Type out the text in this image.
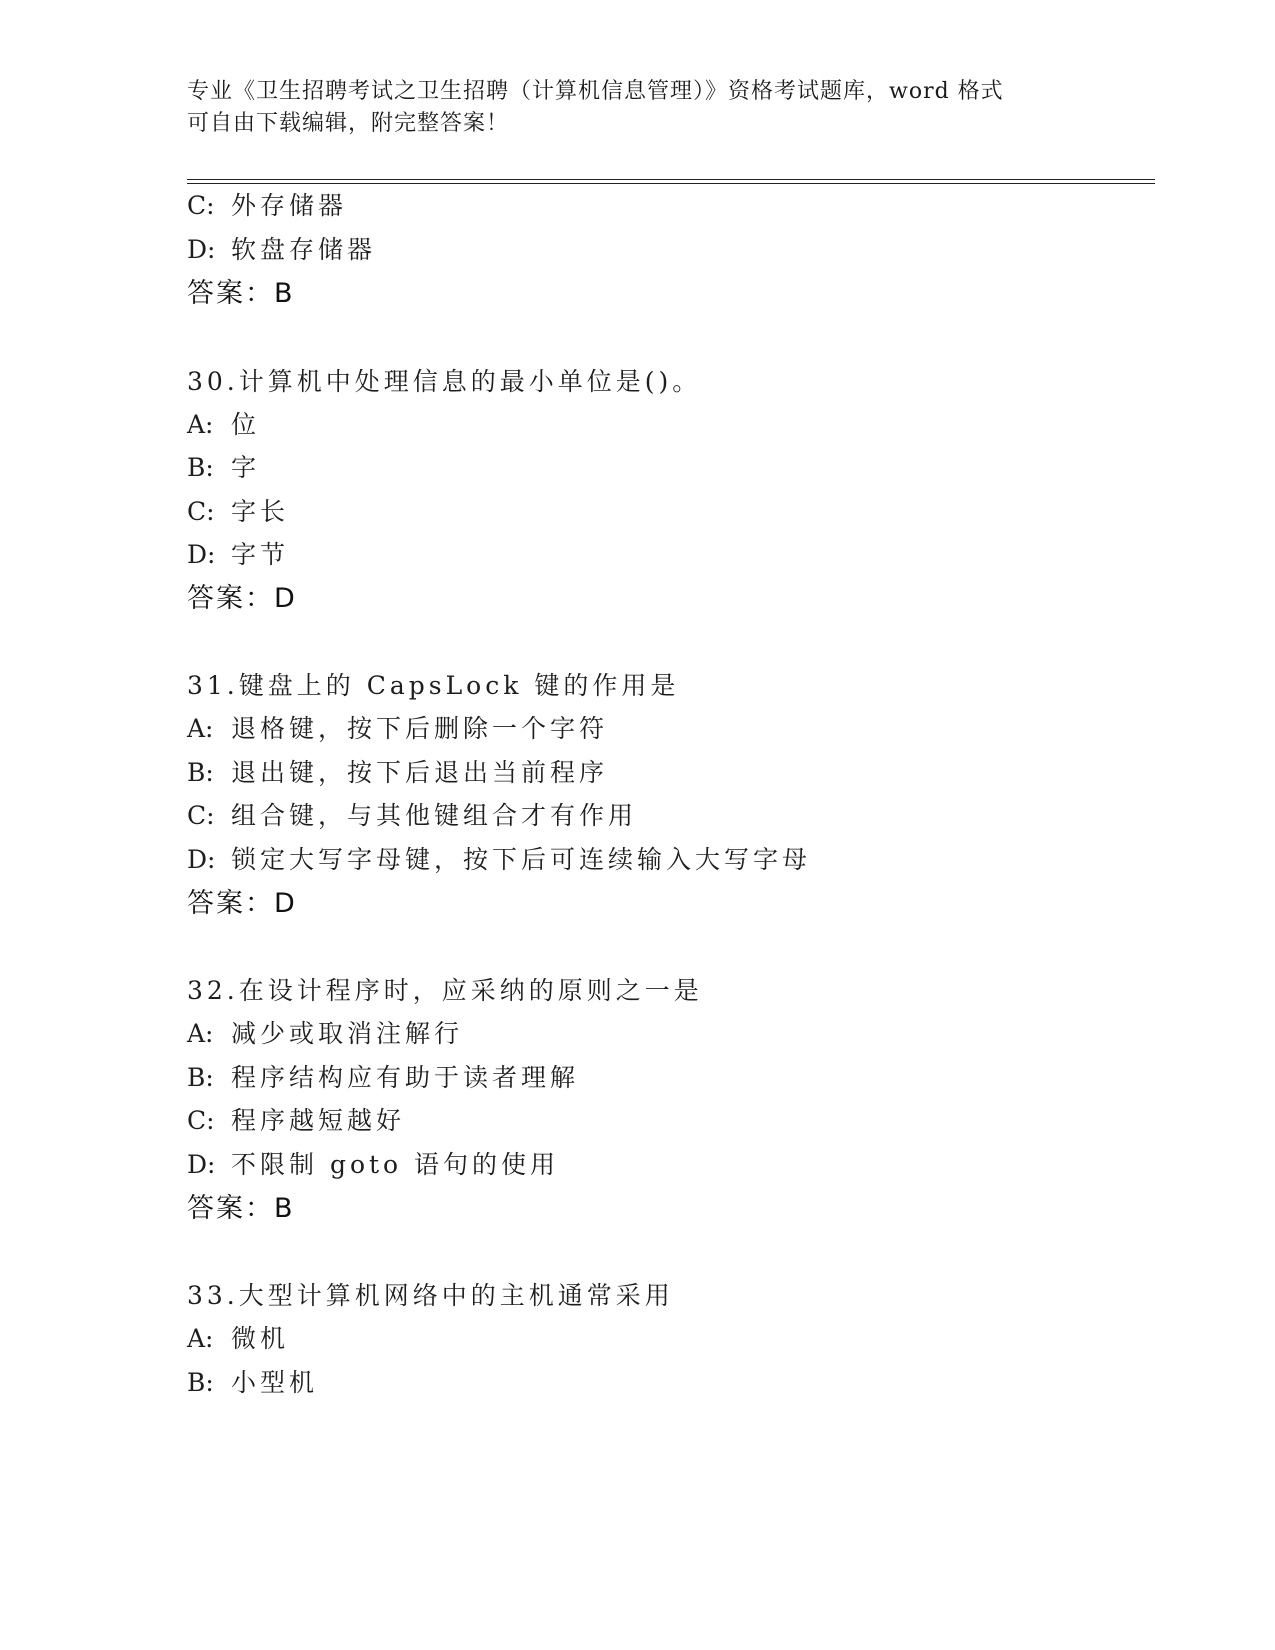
专业《卫生招聘考试之卫生招聘（计算机信息管理）》资格考试题库，word 格式
可自由下载编辑，附完整答案！
C: 外存储器
D: 软盘存储器
答案：B
30.计算机中处理信息的最小单位是()。
A: 位
B: 字
C: 字长
D: 字节
答案：D
31.键盘上的 CapsLock 键的作用是
A: 退格键，按下后删除一个字符
B: 退出键，按下后退出当前程序
C: 组合键，与其他键组合才有作用
D: 锁定大写字母键，按下后可连续输入大写字母
答案：D
32.在设计程序时，应采纳的原则之一是
A: 减少或取消注解行
B: 程序结构应有助于读者理解
C: 程序越短越好
D: 不限制 goto 语句的使用
答案：B
33.大型计算机网络中的主机通常采用
A: 微机
B: 小型机
